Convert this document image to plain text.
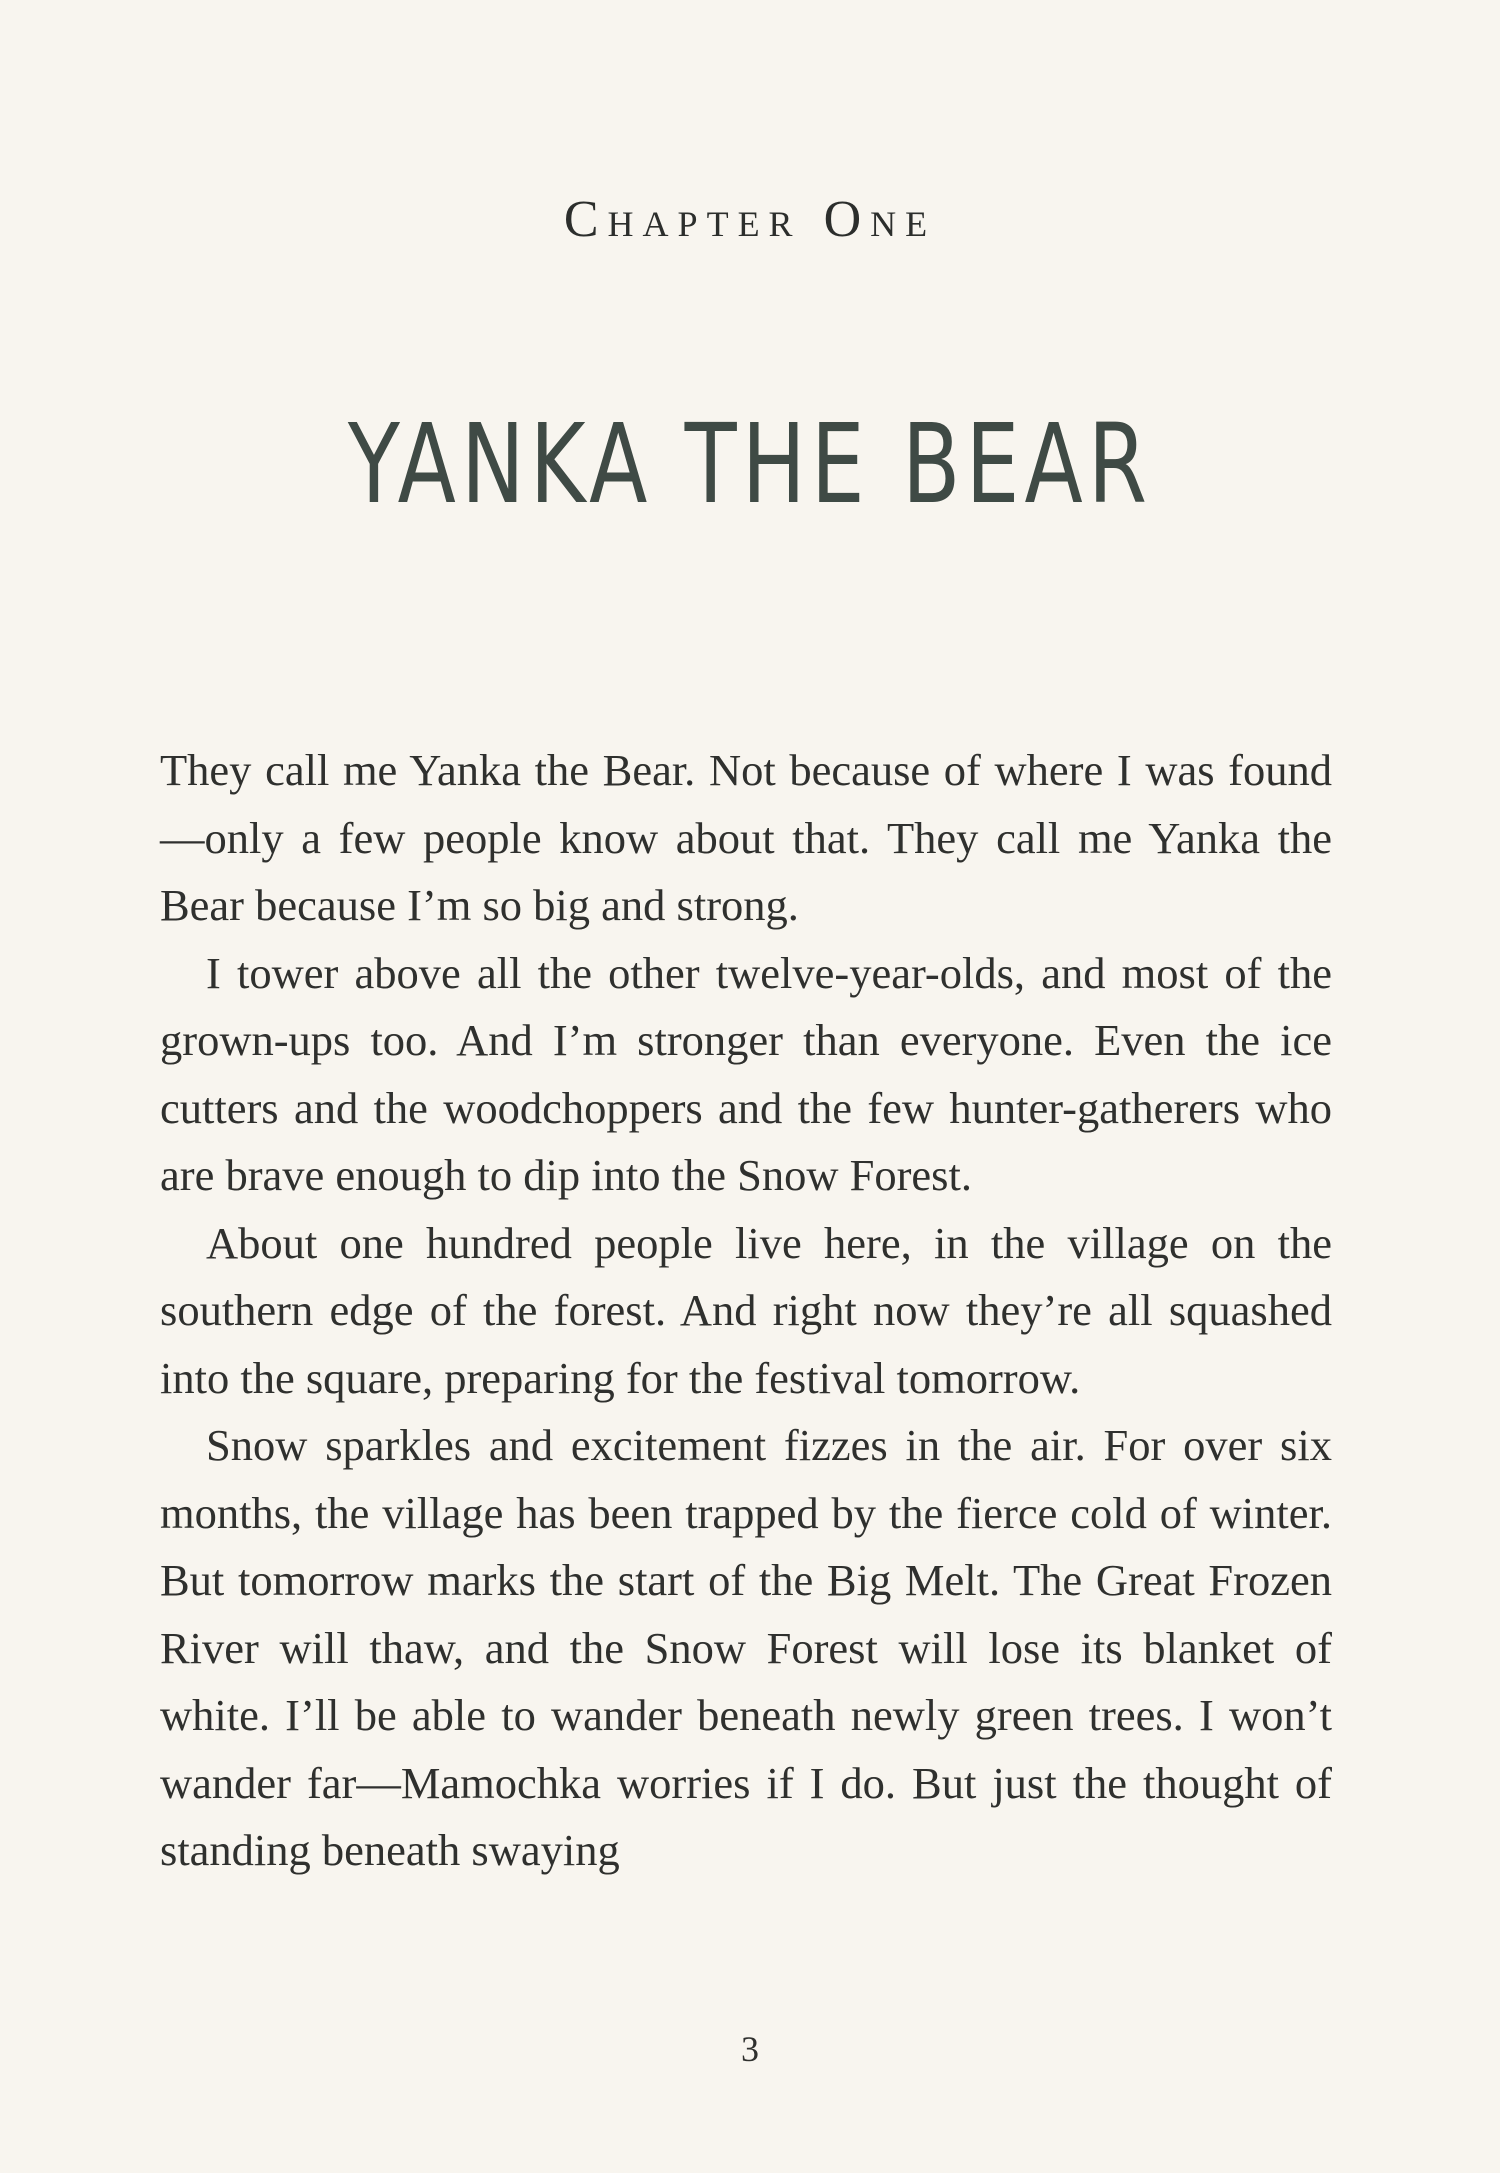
Chapter One
YANKA THE BEAR

They call me Yanka the Bear. Not because of where I was found—only a few people know about that. They call me Yanka the Bear because I’m so big and strong.

I tower above all the other twelve-year-olds, and most of the grown-ups too. And I’m stronger than everyone. Even the ice cutters and the woodchoppers and the few hunter-gatherers who are brave enough to dip into the Snow Forest.

About one hundred people live here, in the village on the southern edge of the forest. And right now they’re all squashed into the square, preparing for the festival tomorrow.

Snow sparkles and excitement fizzes in the air. For over six months, the village has been trapped by the fierce cold of winter. But tomorrow marks the start of the Big Melt. The Great Frozen River will thaw, and the Snow Forest will lose its blanket of white. I’ll be able to wander beneath newly green trees. I won’t wander far—Mamochka worries if I do. But just the thought of standing beneath swaying

3
